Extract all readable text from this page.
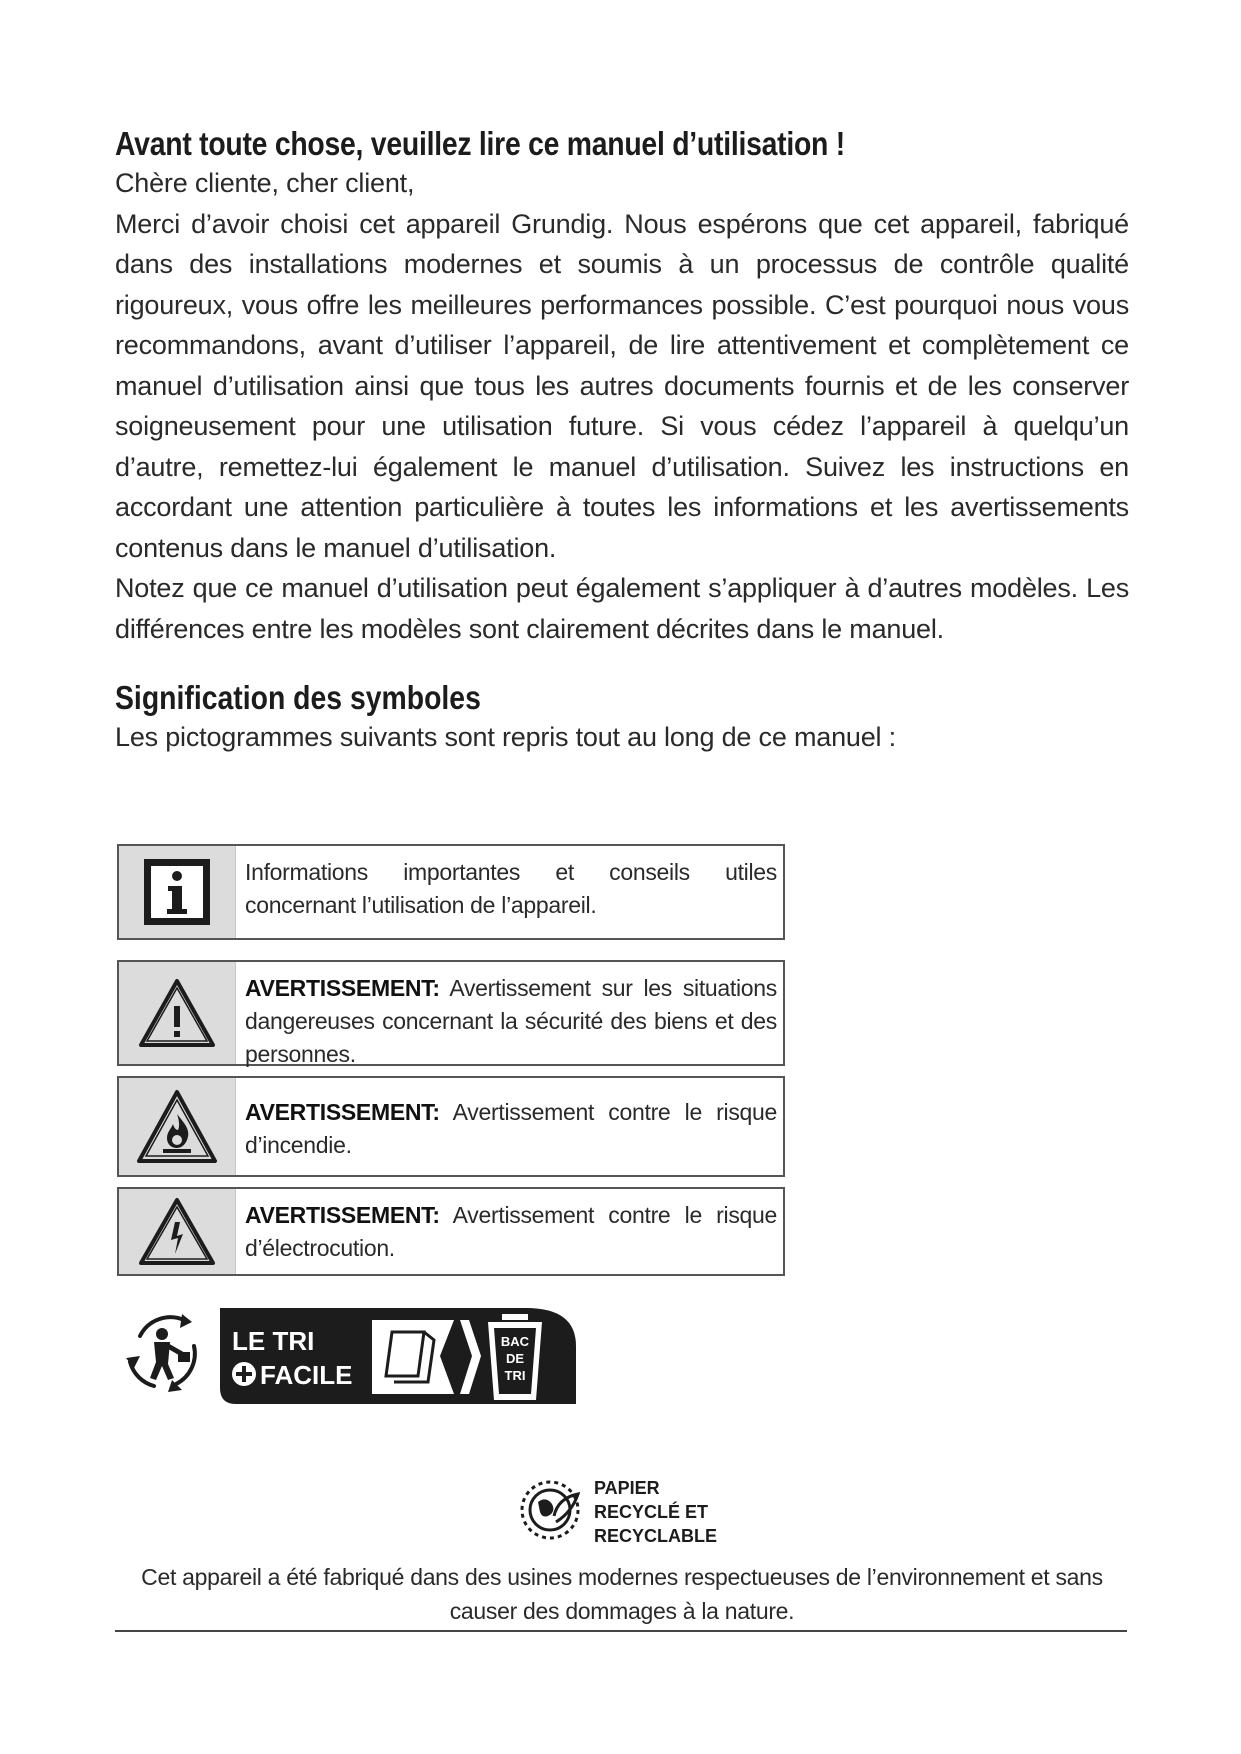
Avant toute chose, veuillez lire ce manuel d’utilisation !

Chère cliente, cher client,

Merci d’avoir choisi cet appareil Grundig. Nous espérons que cet appareil, fabriqué dans des installations modernes et soumis à un processus de contrôle qualité rigoureux, vous offre les meilleures performances possible. C’est pourquoi nous vous recommandons, avant d’utiliser l’appareil, de lire attentivement et complètement ce manuel d’utilisation ainsi que tous les autres documents fournis et de les conserver soigneusement pour une utilisation future. Si vous cédez l’appareil à quelqu’un d’autre, remettez-lui également le manuel d’utilisation. Suivez les instructions en accordant une attention particulière à toutes les informations et les avertissements contenus dans le manuel d’utilisation.

Notez que ce manuel d’utilisation peut également s’appliquer à d’autres modèles. Les différences entre les modèles sont clairement décrites dans le manuel.

Signification des symboles

Les pictogrammes suivants sont repris tout au long de ce manuel :

Informations importantes et conseils utiles concernant l’utilisation de l’appareil.
AVERTISSEMENT: Avertissement sur les situations dangereuses concernant la sécurité des biens et des personnes.
AVERTISSEMENT: Avertissement contre le risque d’incendie.
AVERTISSEMENT: Avertissement contre le risque d’électrocution.
BAC
DE
TRI
LE TRI
FACILE
PAPIER
RECYCLÉ ET
RECYCLABLE
Cet appareil a été fabriqué dans des usines modernes respectueuses de l’environnement et sans causer des dommages à la nature.
